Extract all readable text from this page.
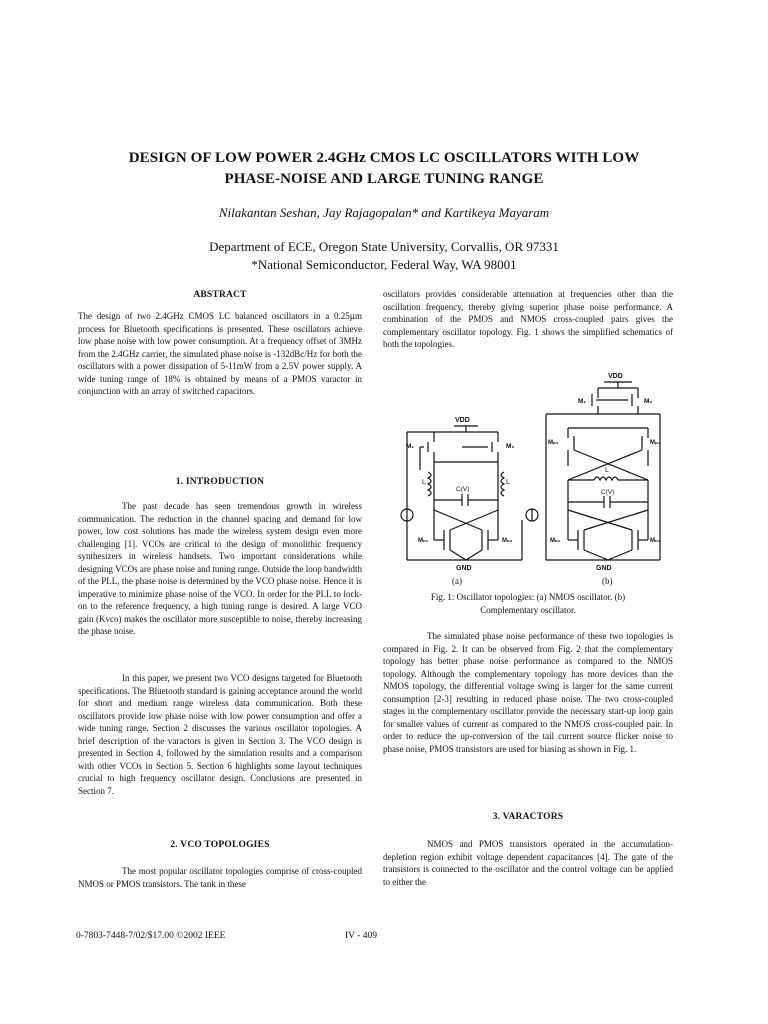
DESIGN OF LOW POWER 2.4GHz CMOS LC OSCILLATORS WITH LOW
PHASE-NOISE AND LARGE TUNING RANGE
Nilakantan Seshan, Jay Rajagopalan* and Kartikeya Mayaram
Department of ECE, Oregon State University, Corvallis, OR 97331
*National Semiconductor, Federal Way, WA 98001
ABSTRACT

The design of two 2.4GHz CMOS LC balanced oscillators in a 0.25µm process for Bluetooth specifications is presented. These oscillators achieve low phase noise with low power consumption. At a frequency offset of 3MHz from the 2.4GHz carrier, the simulated phase noise is -132dBc/Hz for both the oscillators with a power dissipation of 5-11mW from a 2.5V power supply. A wide tuning range of 18% is obtained by means of a PMOS varactor in conjunction with an array of switched capacitors.

1. INTRODUCTION

The past decade has seen tremendous growth in wireless communication. The reduction in the channel spacing and demand for low power, low cost solutions has made the wireless system design even more challenging [1]. VCOs are critical to the design of monolithic frequency synthesizers in wireless handsets. Two important considerations while designing VCOs are phase noise and tuning range. Outside the loop bandwidth of the PLL, the phase noise is determined by the VCO phase noise. Hence it is imperative to minimize phase noise of the VCO. In order for the PLL to lock-on to the reference frequency, a high tuning range is desired. A large VCO gain (Kvco) makes the oscillator more susceptible to noise, thereby increasing the phase noise.

In this paper, we present two VCO designs targeted for Bluetooth specifications. The Bluetooth standard is gaining acceptance around the world for short and medium range wireless data communication. Both these oscillators provide low phase noise with low power consumption and offer a wide tuning range. Section 2 discusses the various oscillator topologies. A brief description of the varactors is given in Section 3. The VCO design is presented in Section 4, followed by the simulation results and a comparison with other VCOs in Section 5. Section 6 highlights some layout techniques crucial to high frequency oscillator design. Conclusions are presented in Section 7.

2. VCO TOPOLOGIES

The most popular oscillator topologies comprise of cross-coupled NMOS or PMOS transistors. The tank in these

oscillators provides considerable attenuation at frequencies other than the oscillation frequency, thereby giving superior phase noise performance. A combination of the PMOS and NMOS cross-coupled pairs gives the complementary oscillator topology. Fig. 1 shows the simplified schematics of both the topologies.

VDD
M₁	M₂
L	L
C(V)
Mₙ₁	Mₙ₂
GND
VDD
M₁	M₂
Mₚ₁	Mₚ₂
L
C(V)
Mₙ₁	Mₙ₂
GND
(a)	(b)
Fig. 1: Oscillator topologies: (a) NMOS oscillator. (b)
Complementary oscillator.

The simulated phase noise performance of these two topologies is compared in Fig. 2. It can be observed from Fig. 2 that the complementary topology has better phase noise performance as compared to the NMOS topology. Although the complementary topology has more devices than the NMOS topology, the differential voltage swing is larger for the same current consumption [2-3] resulting in reduced phase noise. The two cross-coupled stages in the complementary oscillator provide the necessary start-up loop gain for smaller values of current as compared to the NMOS cross-coupled pair. In order to reduce the up-conversion of the tail current source flicker noise to phase noise, PMOS transistors are used for biasing as shown in Fig. 1.

3. VARACTORS

NMOS and PMOS transistors operated in the accumulation-depletion region exhibit voltage dependent capacitances [4]. The gate of the transistors is connected to the oscillator and the control voltage can be applied to either the

0-7803-7448-7/02/$17.00 ©2002 IEEE	IV - 409
